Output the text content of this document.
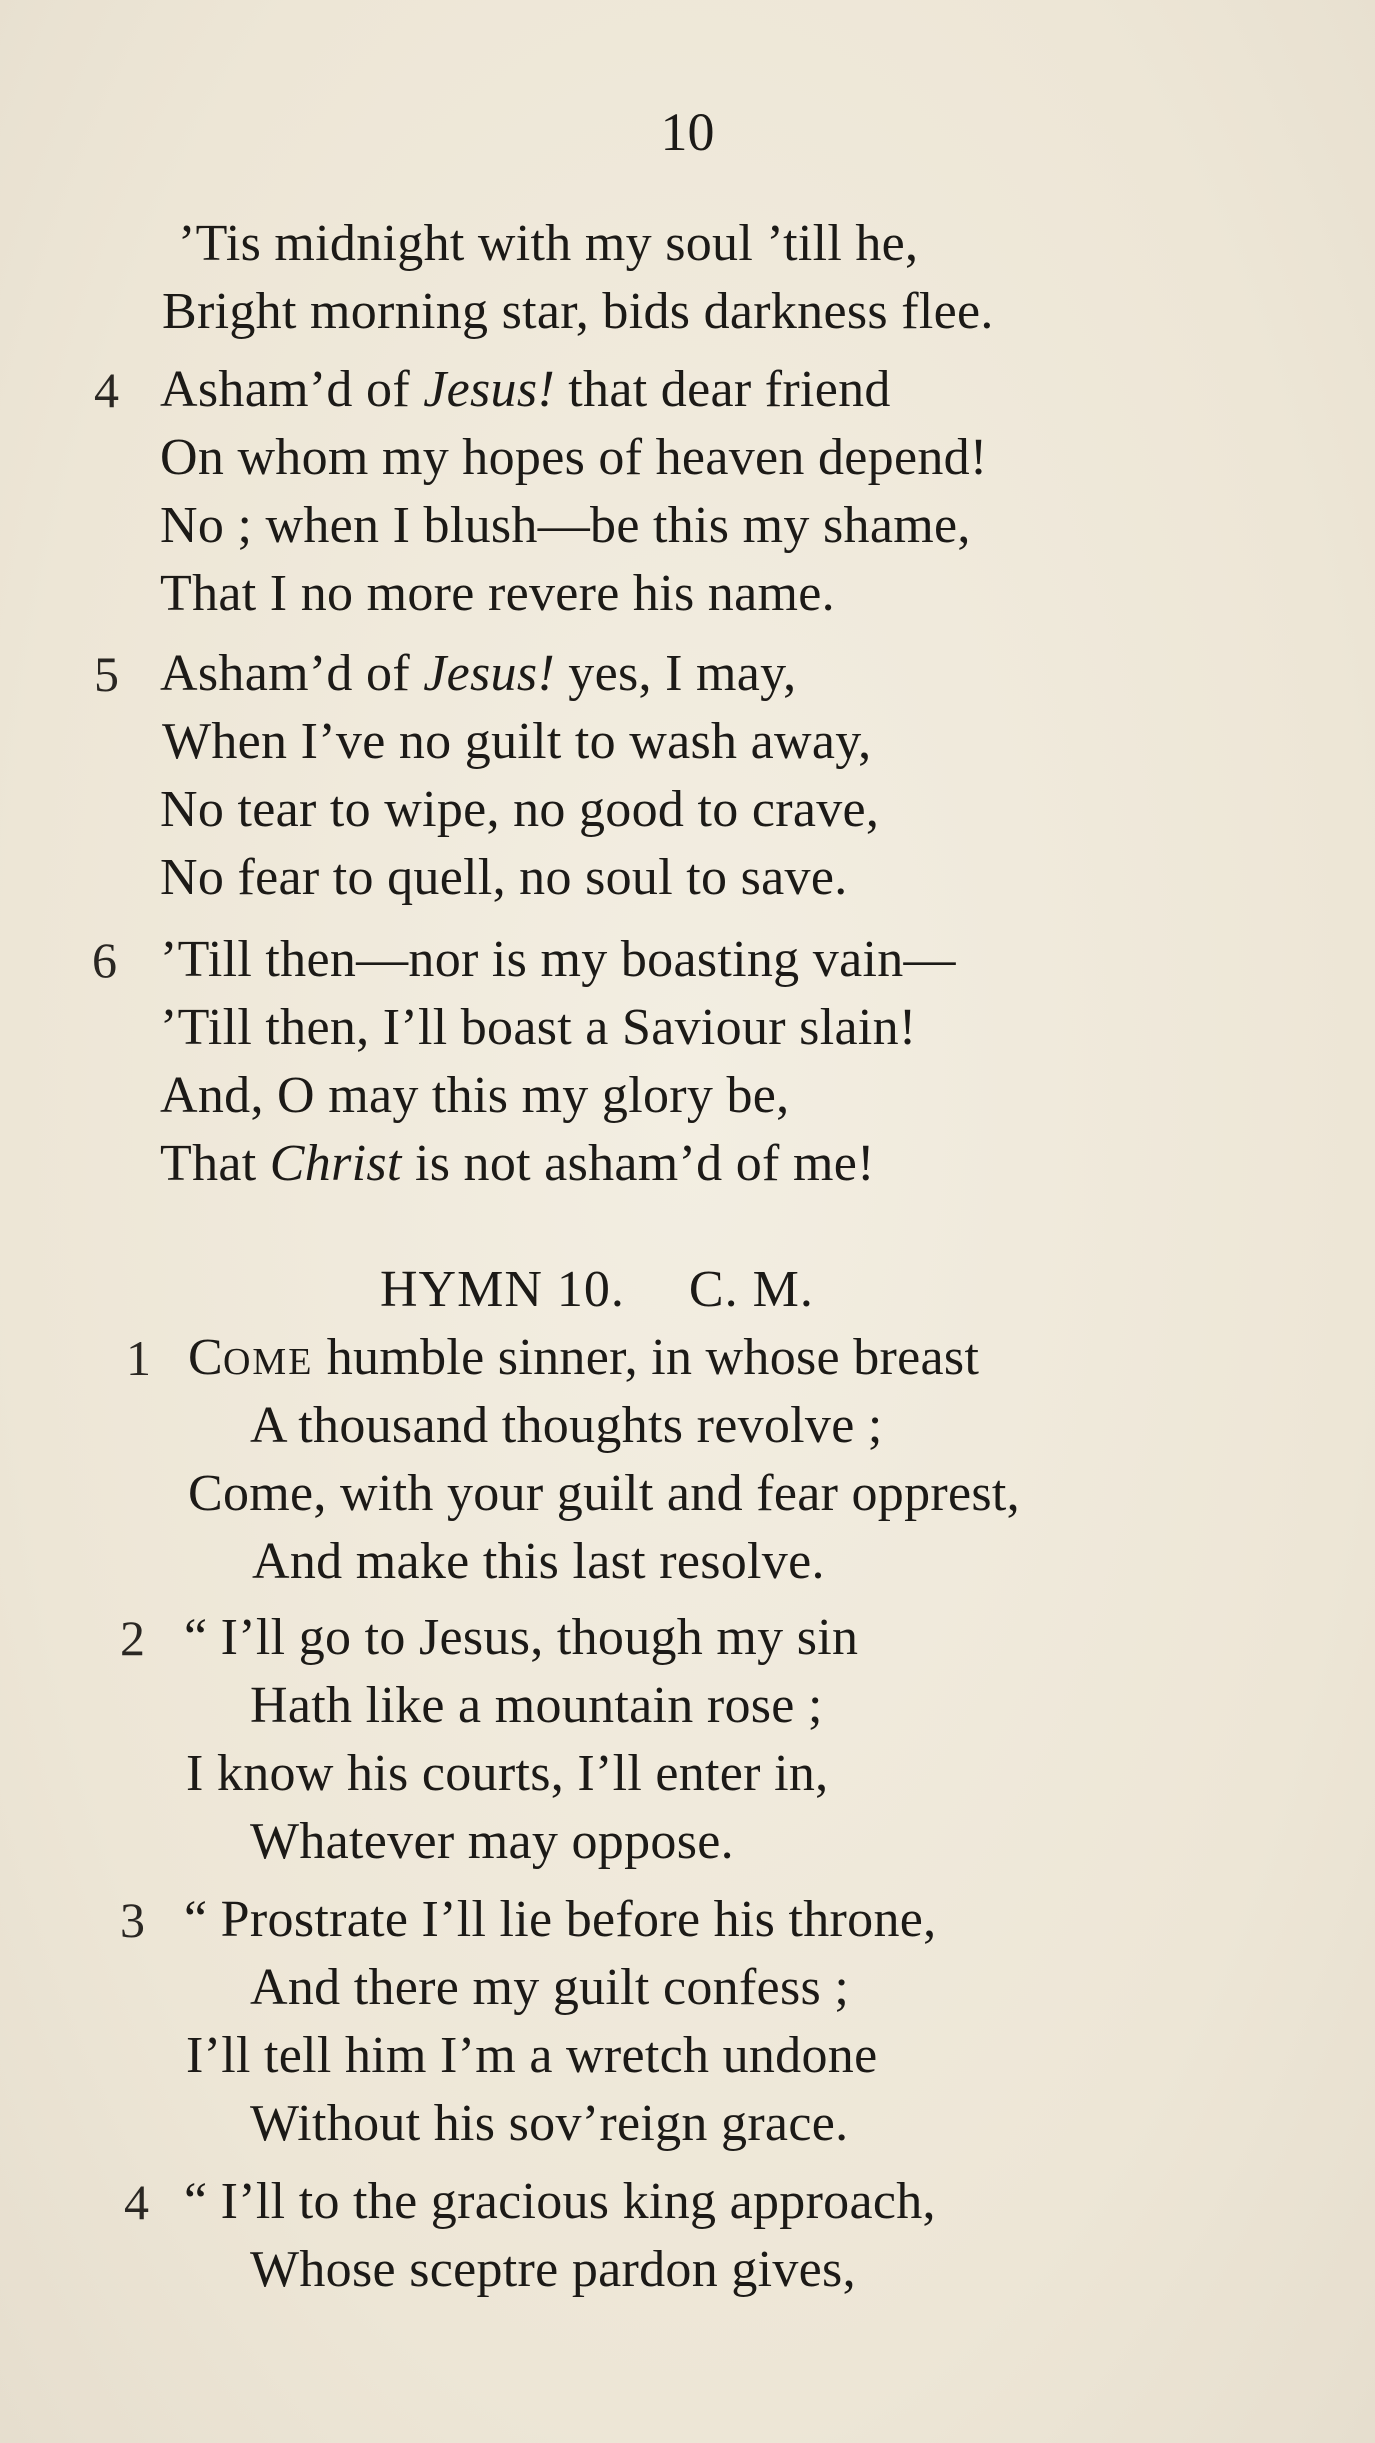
10
’Tis midnight with my soul ’till he,
Bright morning star, bids darkness flee.
4 Asham’d of Jesus! that dear friend
On whom my hopes of heaven depend!
No ; when I blush—be this my shame,
That I no more revere his name.
5 Asham’d of Jesus! yes, I may,
When I’ve no guilt to wash away,
No tear to wipe, no good to crave,
No fear to quell, no soul to save.
6 ’Till then—nor is my boasting vain—
’Till then, I’ll boast a Saviour slain!
And, O may this my glory be,
That Christ is not asham’d of me!
HYMN 10. C. M.
1 COME humble sinner, in whose breast
A thousand thoughts revolve ;
Come, with your guilt and fear opprest,
And make this last resolve.
2 “ I’ll go to Jesus, though my sin
Hath like a mountain rose ;
I know his courts, I’ll enter in,
Whatever may oppose.
3 “ Prostrate I’ll lie before his throne,
And there my guilt confess ;
I’ll tell him I’m a wretch undone
Without his sov’reign grace.
4 “ I’ll to the gracious king approach,
Whose sceptre pardon gives,
